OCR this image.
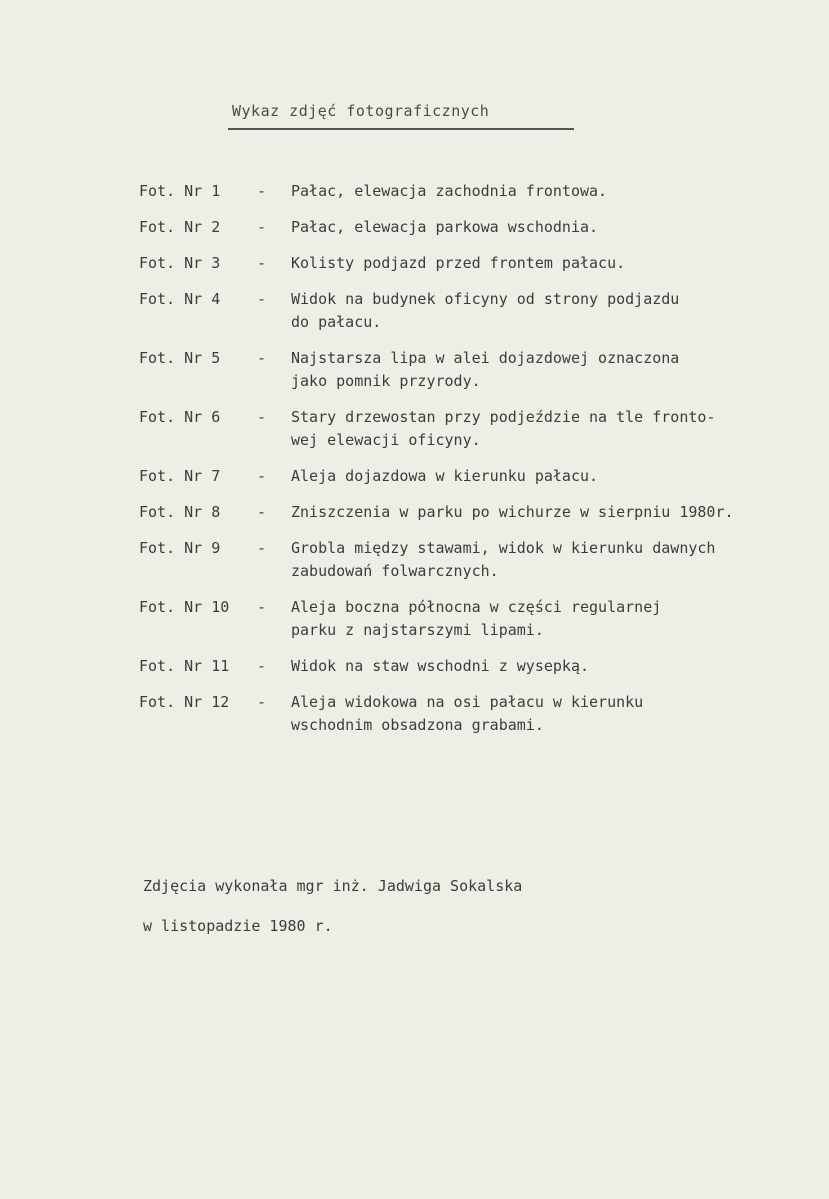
Wykaz zdjęć fotograficznych
Fot. Nr 1	-	Pałac, elewacja zachodnia frontowa.
Fot. Nr 2	-	Pałac, elewacja parkowa wschodnia.
Fot. Nr 3	-	Kolisty podjazd przed frontem pałacu.
Fot. Nr 4	-	Widok na budynek oficyny od strony podjazdu
do pałacu.
Fot. Nr 5	-	Najstarsza lipa w alei dojazdowej oznaczona
jako pomnik przyrody.
Fot. Nr 6	-	Stary drzewostan przy podjeździe na tle fronto-
wej elewacji oficyny.
Fot. Nr 7	-	Aleja dojazdowa w kierunku pałacu.
Fot. Nr 8	-	Zniszczenia w parku po wichurze w sierpniu 1980r.
Fot. Nr 9	-	Grobla między stawami, widok w kierunku dawnych
zabudowań folwarcznych.
Fot. Nr 10	-	Aleja boczna północna w części regularnej
parku z najstarszymi lipami.
Fot. Nr 11	-	Widok na staw wschodni z wysepką.
Fot. Nr 12	-	Aleja widokowa na osi pałacu w kierunku
wschodnim obsadzona grabami.
Zdjęcia wykonała mgr inż. Jadwiga Sokalska
w listopadzie 1980 r.
